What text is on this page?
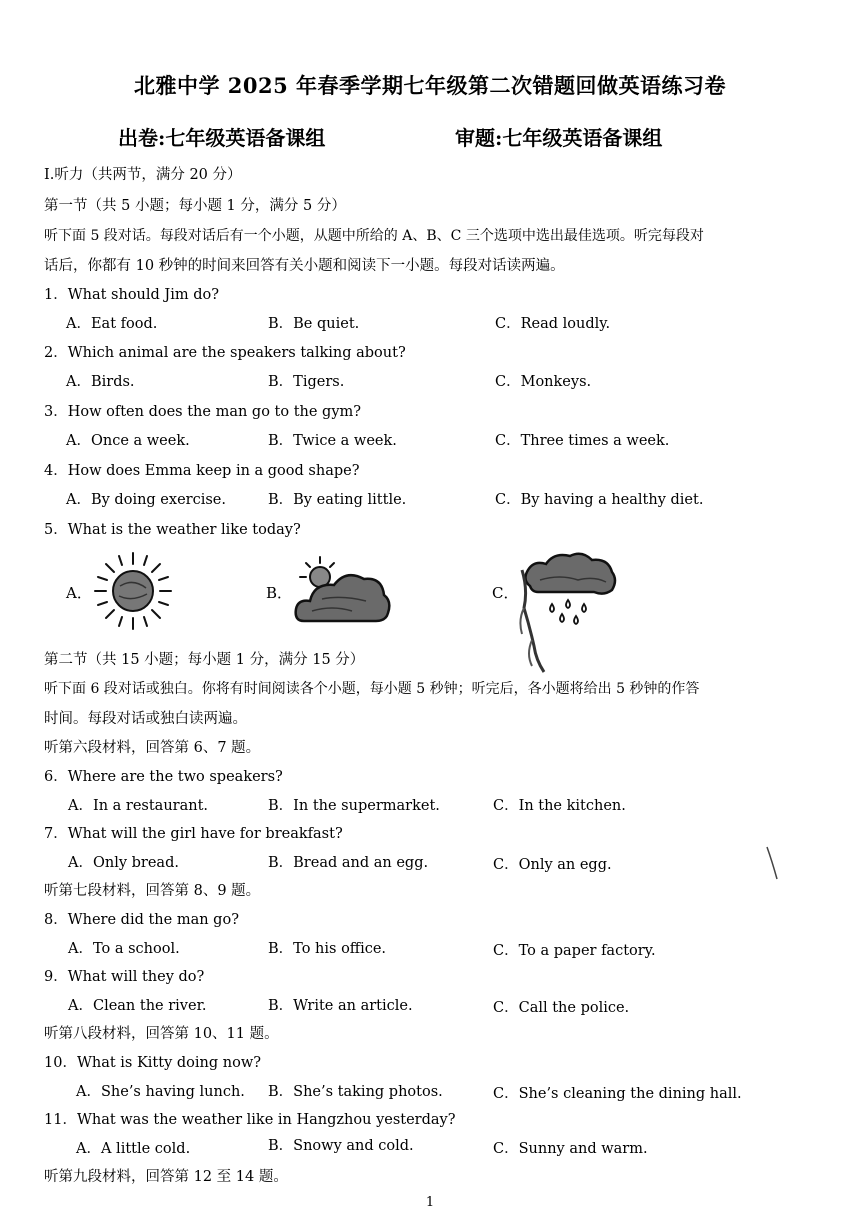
北雅中学 2025 年春季学期七年级第二次错题回做英语练习卷
出卷:七年级英语备课组	审题:七年级英语备课组
I.听力（共两节，满分 20 分）
第一节（共 5 小题；每小题 1 分，满分 5 分）
听下面 5 段对话。每段对话后有一个小题，从题中所给的 A、B、C 三个选项中选出最佳选项。听完每段对
话后，你都有 10 秒钟的时间来回答有关小题和阅读下一小题。每段对话读两遍。
1．What should Jim do?
A．Eat food.	B．Be quiet.	C．Read loudly.
2．Which animal are the speakers talking about?
A．Birds.	B．Tigers.	C．Monkeys.
3．How often does the man go to the gym?
A．Once a week.	B．Twice a week.	C．Three times a week.
4．How does Emma keep in a good shape?
A．By doing exercise.	B．By eating little.	C．By having a healthy diet.
5．What is the weather like today?
A．	B．	C．
第二节（共 15 小题；每小题 1 分，满分 15 分）
听下面 6 段对话或独白。你将有时间阅读各个小题，每小题 5 秒钟；听完后，各小题将给出 5 秒钟的作答
时间。每段对话或独白读两遍。
听第六段材料，回答第 6、7 题。
6．Where are the two speakers?
A．In a restaurant.	B．In the supermarket.	C．In the kitchen.
7．What will the girl have for breakfast?
A．Only bread.	B．Bread and an egg.	C．Only an egg.
听第七段材料，回答第 8、9 题。
8．Where did the man go?
A．To a school.	B．To his office.	C．To a paper factory.
9．What will they do?
A．Clean the river.	B．Write an article.	C．Call the police.
听第八段材料，回答第 10、11 题。
10．What is Kitty doing now?
A．She’s having lunch. B．She’s taking photos.	C．She’s cleaning the dining hall.
11．What was the weather like in Hangzhou yesterday?
A．A little cold.	B．Snowy and cold.	C．Sunny and warm.
听第九段材料，回答第 12 至 14 题。
1
